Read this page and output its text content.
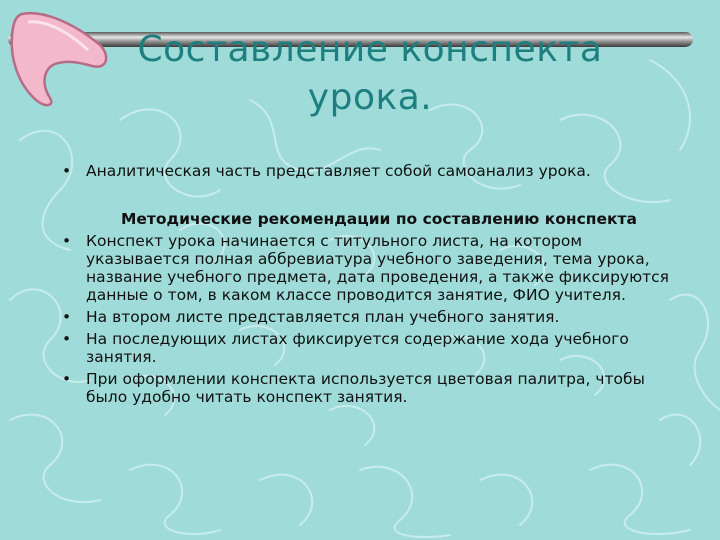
Составление конспекта
урока.
• Аналитическая часть представляет собой самоанализ урока.
Методические рекомендации по составлению конспекта
• Конспект урока начинается с титульного листа, на котором указывается полная аббревиатура учебного заведения, тема урока, название учебного предмета, дата проведения, а также фиксируются данные о том, в каком классе проводится занятие, ФИО учителя.
• На втором листе представляется план учебного занятия.
• На последующих листах фиксируется содержание хода учебного занятия.
• При оформлении конспекта используется цветовая палитра, чтобы было удобно читать конспект занятия.
